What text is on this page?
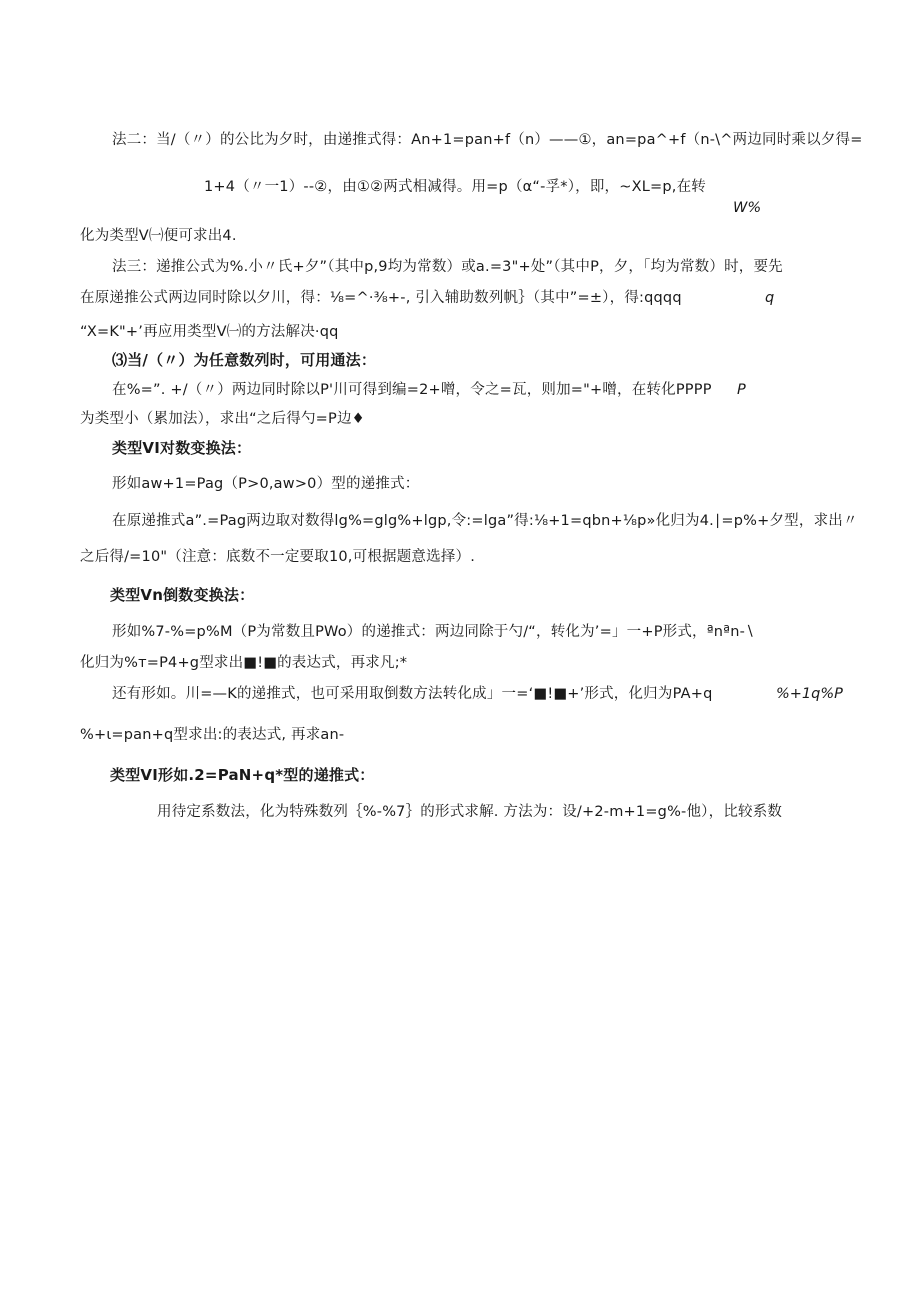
法二：当/（〃）的公比为夕时，由递推式得：An+1=pan+f（n）——①，an=pa^+f（n-\^两边同时乘以夕得=
1+4（〃一1）--②，由①②两式相减得。用=p（α“-孚*），即，~XL=p,在转
W%
化为类型V㈠便可求出4.
法三：递推公式为%.小〃氏+夕”（其中p,9均为常数）或a.=3"+处”（其中P，夕，「均为常数）时，要先
在原递推公式两边同时除以夕川，得：⅛=^·⅜+-, 引入辅助数列帆｝（其中”=±），得:qqqq	q
“X=K"+’再应用类型V㈠的方法解决·qq
⑶当/（〃）为任意数列时，可用通法：
在%=”. +/（〃）两边同时除以P'川可得到编=2+噌，令之=瓦，则加="+噌，在转化PPPP P
为类型小（累加法），求出“之后得勺=P边♦
类型VI对数变换法：
形如aw+1=Pag（P>0,aw>0）型的递推式：
在原递推式a”.=Pag两边取对数得lg%=glg%+lgp,令:=lga”得:⅛+1=qbn+⅛p»化归为4.∣=p%+夕型，求出〃
之后得/=10"（注意：底数不一定要取10,可根据题意选择）.
类型Vn倒数变换法：
形如%7-%=p%M（P为常数且PWo）的递推式：两边同除于勺/“，转化为’=」一+P形式，ªnªn-∖
化归为%т=P4+g型求出■!■的表达式，再求凡;*
还有形如。川=—K的递推式，也可采用取倒数方法转化成」一=‘■!■+’形式，化归为PA+q	%+1q%P
%+ι=pan+q型求出:的表达式, 再求an-
类型VI形如.2=PaN+q*型的递推式：
用待定系数法，化为特殊数列｛%-%7｝的形式求解. 方法为：设/+2-m+1=g%-他），比较系数
